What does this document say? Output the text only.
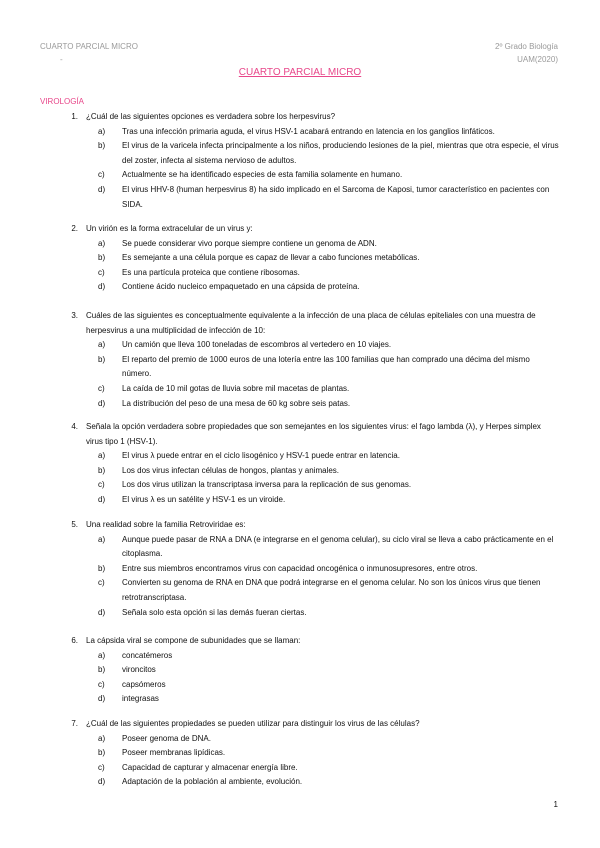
CUARTO PARCIAL MICRO
-
2º Grado Biología
UAM(2020)
CUARTO PARCIAL MICRO
VIROLOGÍA
1.	¿Cuál de las siguientes opciones es verdadera sobre los herpesvirus?
a)	Tras una infección primaria aguda, el virus HSV-1 acabará entrando en latencia en los ganglios linfáticos.
b)	El virus de la varicela infecta principalmente a los niños, produciendo lesiones de la piel, mientras que otra especie, el virus del zoster, infecta al sistema nervioso de adultos.
c)	Actualmente se ha identificado especies de esta familia solamente en humano.
d)	El virus HHV-8 (human herpesvirus 8) ha sido implicado en el Sarcoma de Kaposi, tumor característico en pacientes con SIDA.
2.	Un virión es la forma extracelular de un virus y:
a)	Se puede considerar vivo porque siempre contiene un genoma de ADN.
b)	Es semejante a una célula porque es capaz de llevar a cabo funciones metabólicas.
c)	Es una partícula proteica que contiene ribosomas.
d)	Contiene ácido nucleico empaquetado en una cápsida de proteína.
3.	Cuáles de las siguientes es conceptualmente equivalente a la infección de una placa de células epiteliales con una muestra de herpesvirus a una multiplicidad de infección de 10:
a)	Un camión que lleva 100 toneladas de escombros al vertedero en 10 viajes.
b)	El reparto del premio de 1000 euros de una lotería entre las 100 familias que han comprado una décima del mismo número.
c)	La caída de 10 mil gotas de lluvia sobre mil macetas de plantas.
d)	La distribución del peso de una mesa de 60 kg sobre seis patas.
4.	Señala la opción verdadera sobre propiedades que son semejantes en los siguientes virus: el fago lambda (λ), y Herpes simplex virus tipo 1 (HSV-1).
a)	El virus λ puede entrar en el ciclo lisogénico y HSV-1 puede entrar en latencia.
b)	Los dos virus infectan células de hongos, plantas y animales.
c)	Los dos virus utilizan la transcriptasa inversa para la replicación de sus genomas.
d)	El virus λ es un satélite y HSV-1 es un viroide.
5.	Una realidad sobre la familia Retroviridae es:
a)	Aunque puede pasar de RNA a DNA (e integrarse en el genoma celular), su ciclo viral se lleva a cabo prácticamente en el citoplasma.
b)	Entre sus miembros encontramos virus con capacidad oncogénica o inmunosupresores, entre otros.
c)	Convierten su genoma de RNA en DNA que podrá integrarse en el genoma celular. No son los únicos virus que tienen retrotranscriptasa.
d)	Señala solo esta opción si las demás fueran ciertas.
6.	La cápsida viral se compone de subunidades que se llaman:
a)	concatémeros
b)	vironcitos
c)	capsómeros
d)	integrasas
7.	¿Cuál de las siguientes propiedades se pueden utilizar para distinguir los virus de las células?
a)	Poseer genoma de DNA.
b)	Poseer membranas lipídicas.
c)	Capacidad de capturar y almacenar energía libre.
d)	Adaptación de la población al ambiente, evolución.
1
